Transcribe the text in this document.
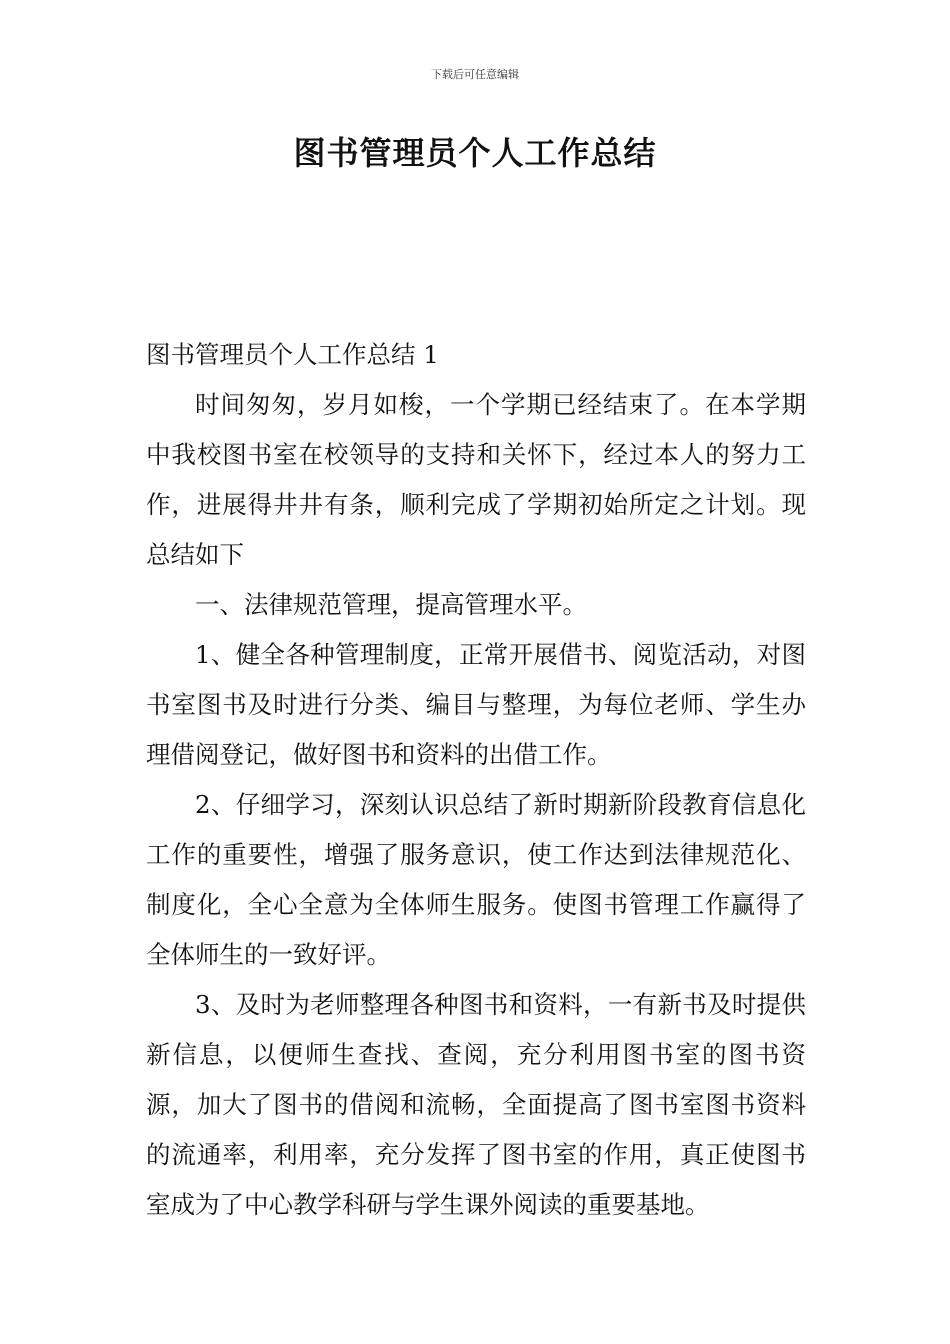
下载后可任意编辑
图书管理员个人工作总结

图书管理员个人工作总结 1

时间匆匆，岁月如梭，一个学期已经结束了。在本学期中我校图书室在校领导的支持和关怀下，经过本人的努力工作，进展得井井有条，顺利完成了学期初始所定之计划。现总结如下

一、法律规范管理，提高管理水平。

1、健全各种管理制度，正常开展借书、阅览活动，对图书室图书及时进行分类、编目与整理，为每位老师、学生办理借阅登记，做好图书和资料的出借工作。

2、仔细学习，深刻认识总结了新时期新阶段教育信息化工作的重要性，增强了服务意识，使工作达到法律规范化、制度化，全心全意为全体师生服务。使图书管理工作赢得了全体师生的一致好评。

3、及时为老师整理各种图书和资料，一有新书及时提供新信息，以便师生查找、查阅，充分利用图书室的图书资源，加大了图书的借阅和流畅，全面提高了图书室图书资料的流通率，利用率，充分发挥了图书室的作用，真正使图书室成为了中心教学科研与学生课外阅读的重要基地。
